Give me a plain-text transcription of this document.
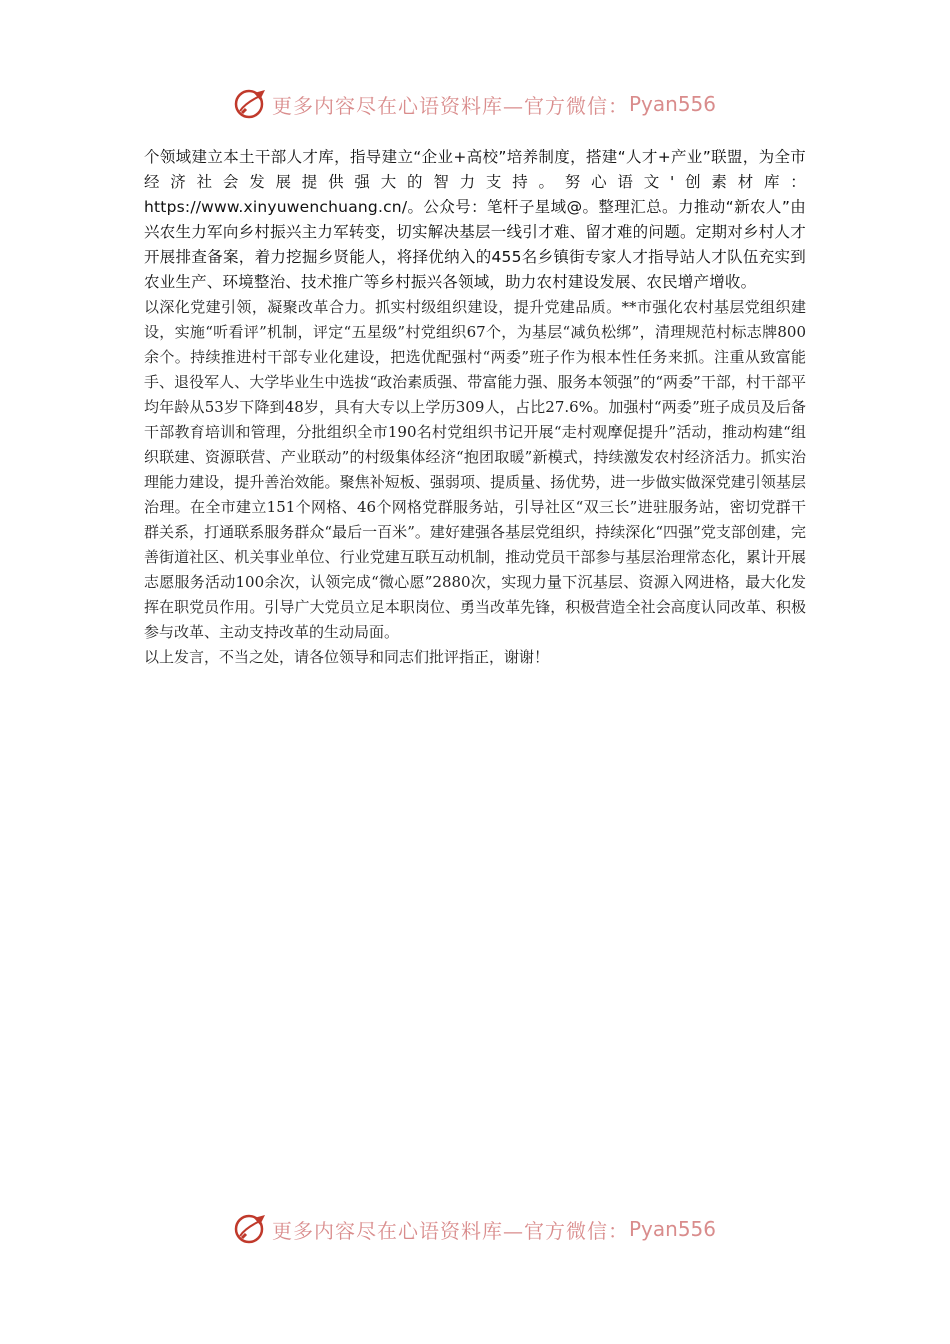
更多内容尽在心语资料库—官方微信： Pyan556

个领域建立本土干部人才库，指导建立“企业+高校”培养制度，搭建“人才+产业”联盟，为全市经济社会发展提供强大的智力支持。努心语文'创素材库：https://www.xinyuwenchuang.cn/。公众号：笔杆子星域@。整理汇总。力推动“新农人”由兴农生力军向乡村振兴主力军转变，切实解决基层一线引才难、留才难的问题。定期对乡村人才开展排查备案，着力挖掘乡贤能人，将择优纳入的455名乡镇街专家人才指导站人才队伍充实到农业生产、环境整治、技术推广等乡村振兴各领域，助力农村建设发展、农民增产增收。

以深化党建引领，凝聚改革合力。抓实村级组织建设，提升党建品质。**市强化农村基层党组织建设，实施“听看评”机制，评定“五星级”村党组织67个，为基层“减负松绑”，清理规范村标志牌800余个。持续推进村干部专业化建设，把选优配强村“两委”班子作为根本性任务来抓。注重从致富能手、退役军人、大学毕业生中选拔“政治素质强、带富能力强、服务本领强”的“两委”干部，村干部平均年龄从53岁下降到48岁，具有大专以上学历309人，占比27.6%。加强村“两委”班子成员及后备干部教育培训和管理，分批组织全市190名村党组织书记开展“走村观摩促提升”活动，推动构建“组织联建、资源联营、产业联动”的村级集体经济“抱团取暖”新模式，持续激发农村经济活力。抓实治理能力建设，提升善治效能。聚焦补短板、强弱项、提质量、扬优势，进一步做实做深党建引领基层治理。在全市建立151个网格、46个网格党群服务站，引导社区“双三长”进驻服务站，密切党群干群关系，打通联系服务群众“最后一百米”。建好建强各基层党组织，持续深化“四强”党支部创建，完善街道社区、机关事业单位、行业党建互联互动机制，推动党员干部参与基层治理常态化，累计开展志愿服务活动100余次，认领完成“微心愿”2880次，实现力量下沉基层、资源入网进格，最大化发挥在职党员作用。引导广大党员立足本职岗位、勇当改革先锋，积极营造全社会高度认同改革、积极参与改革、主动支持改革的生动局面。

以上发言，不当之处，请各位领导和同志们批评指正，谢谢！

更多内容尽在心语资料库—官方微信： Pyan556
